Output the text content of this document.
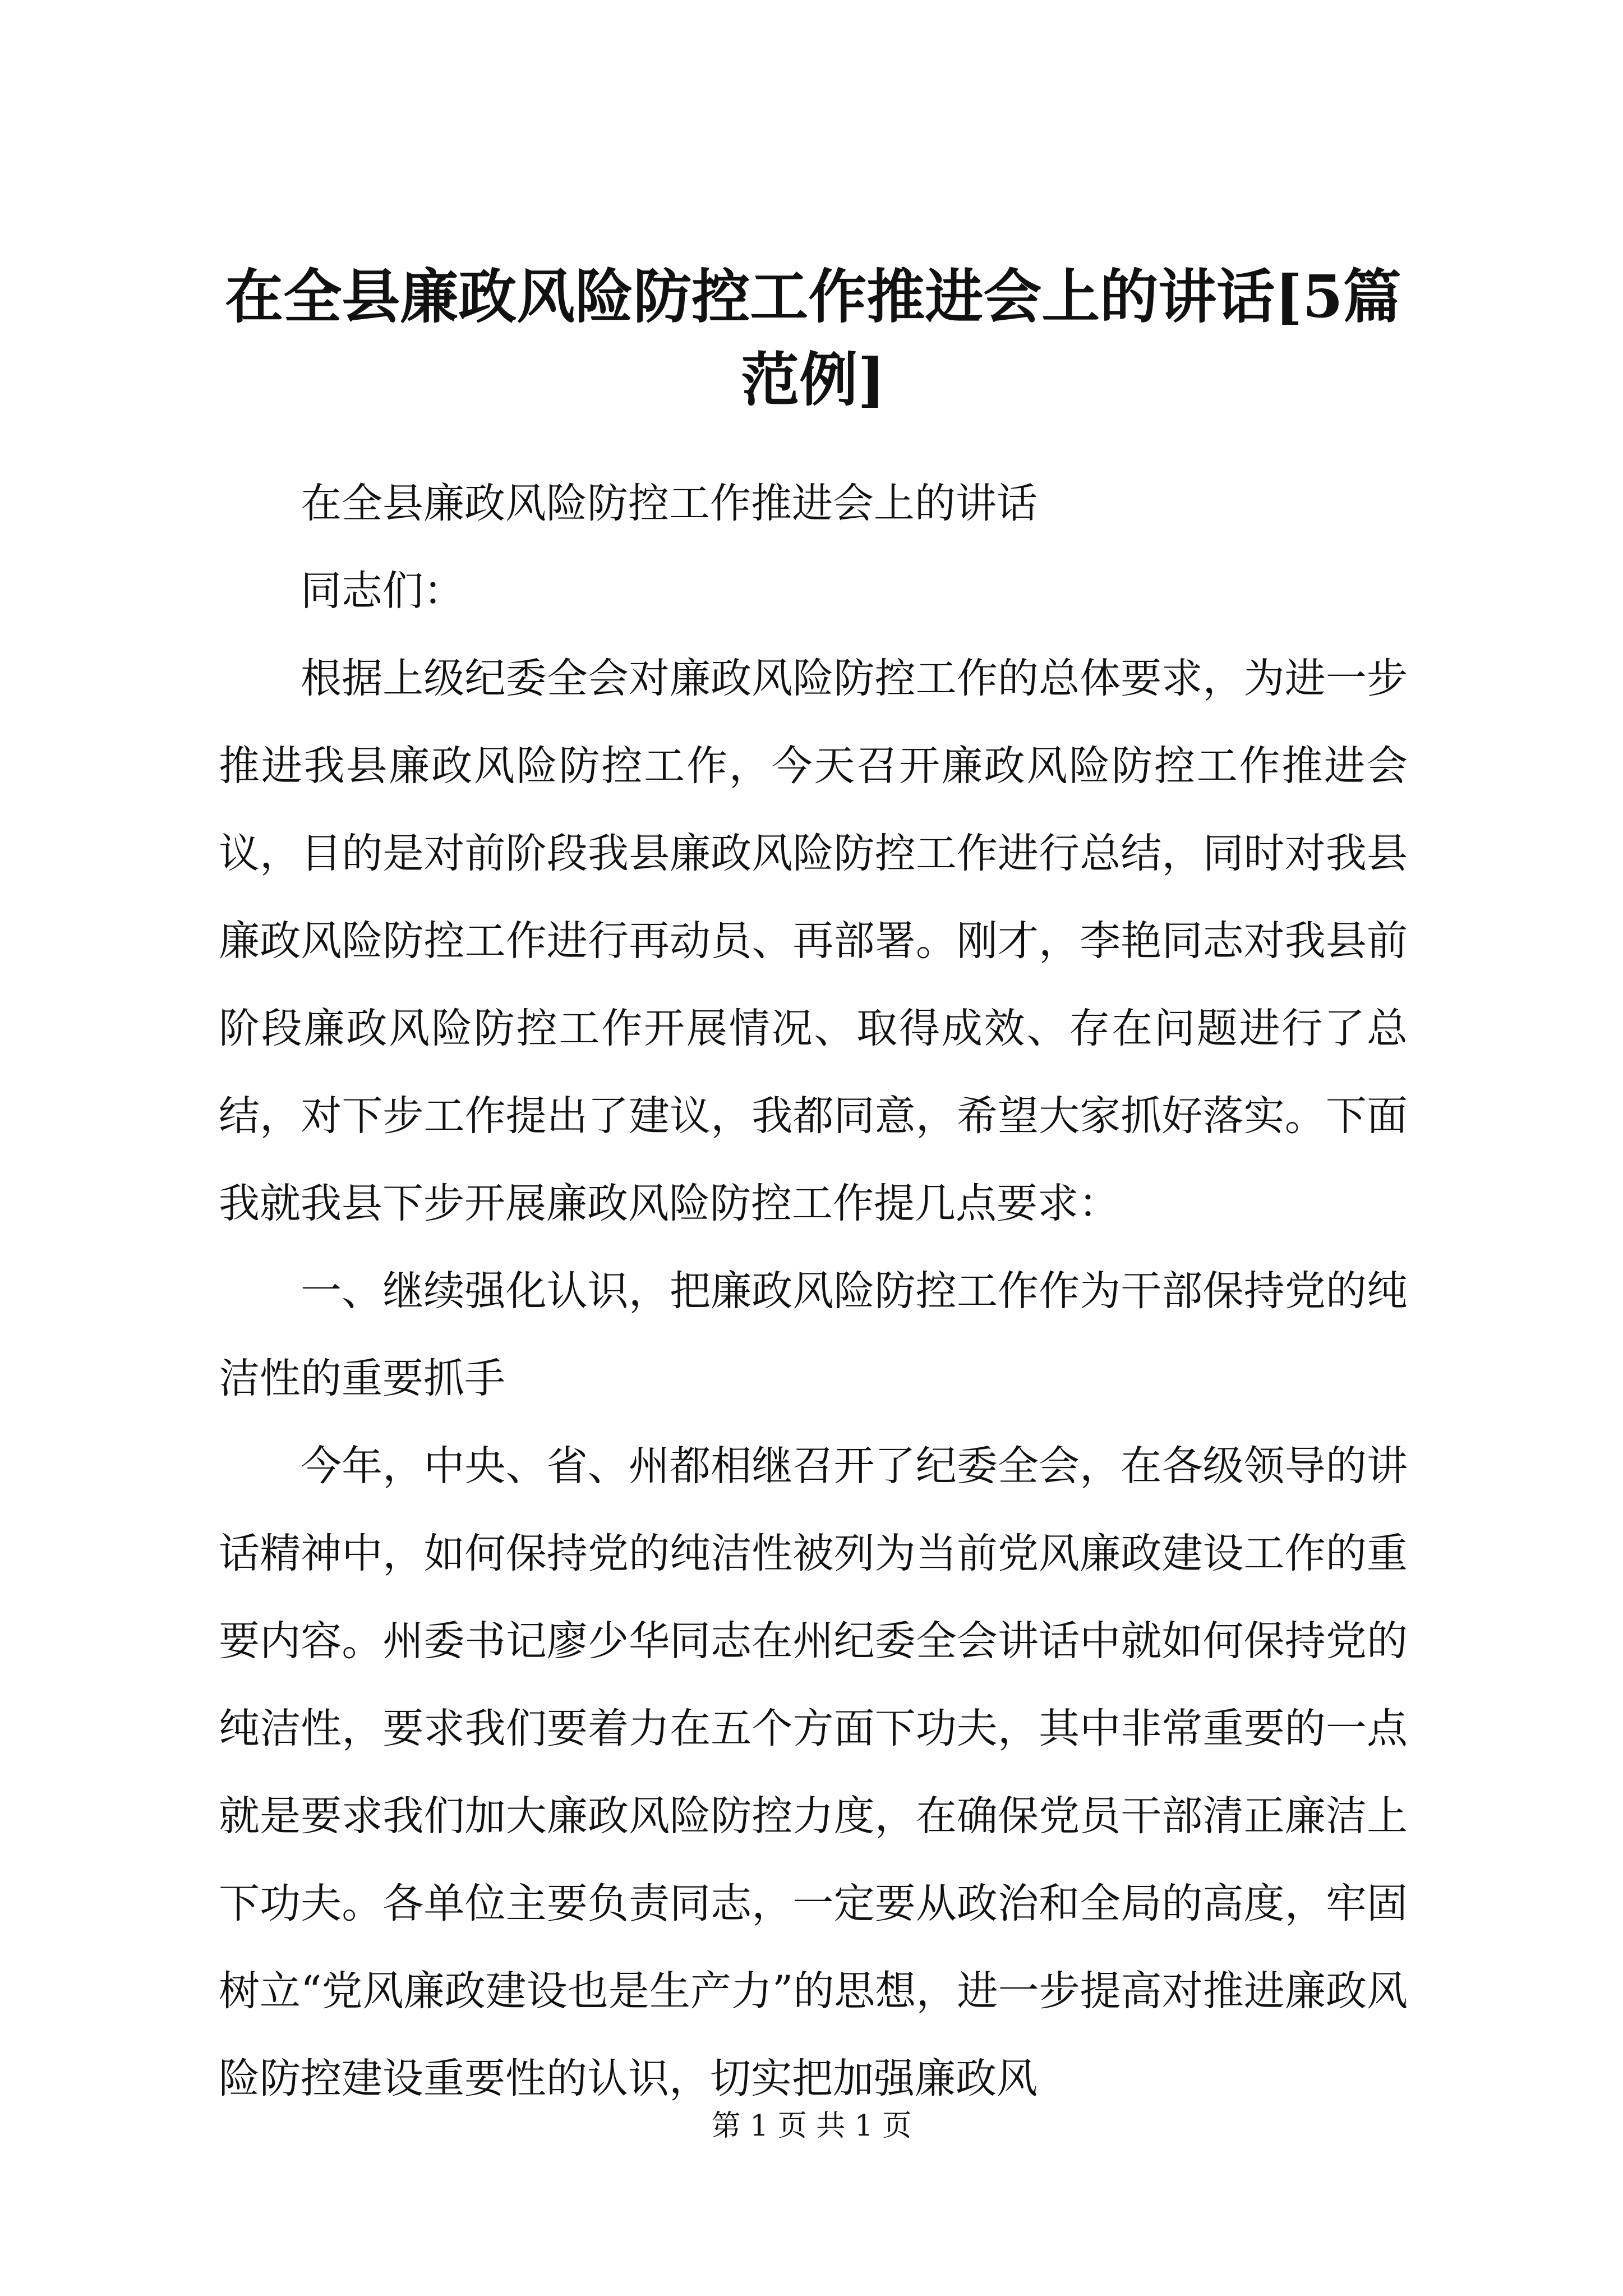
在全县廉政风险防控工作推进会上的讲话[5篇范例]

在全县廉政风险防控工作推进会上的讲话

同志们：

根据上级纪委全会对廉政风险防控工作的总体要求，为进一步推进我县廉政风险防控工作，今天召开廉政风险防控工作推进会议，目的是对前阶段我县廉政风险防控工作进行总结，同时对我县廉政风险防控工作进行再动员、再部署。刚才，李艳同志对我县前阶段廉政风险防控工作开展情况、取得成效、存在问题进行了总结，对下步工作提出了建议，我都同意，希望大家抓好落实。下面我就我县下步开展廉政风险防控工作提几点要求：

一、继续强化认识，把廉政风险防控工作作为干部保持党的纯洁性的重要抓手

今年，中央、省、州都相继召开了纪委全会，在各级领导的讲话精神中，如何保持党的纯洁性被列为当前党风廉政建设工作的重要内容。州委书记廖少华同志在州纪委全会讲话中就如何保持党的纯洁性，要求我们要着力在五个方面下功夫，其中非常重要的一点就是要求我们加大廉政风险防控力度，在确保党员干部清正廉洁上下功夫。各单位主要负责同志，一定要从政治和全局的高度，牢固树立“党风廉政建设也是生产力”的思想，进一步提高对推进廉政风险防控建设重要性的认识，切实把加强廉政风

第 1 页 共 1 页
